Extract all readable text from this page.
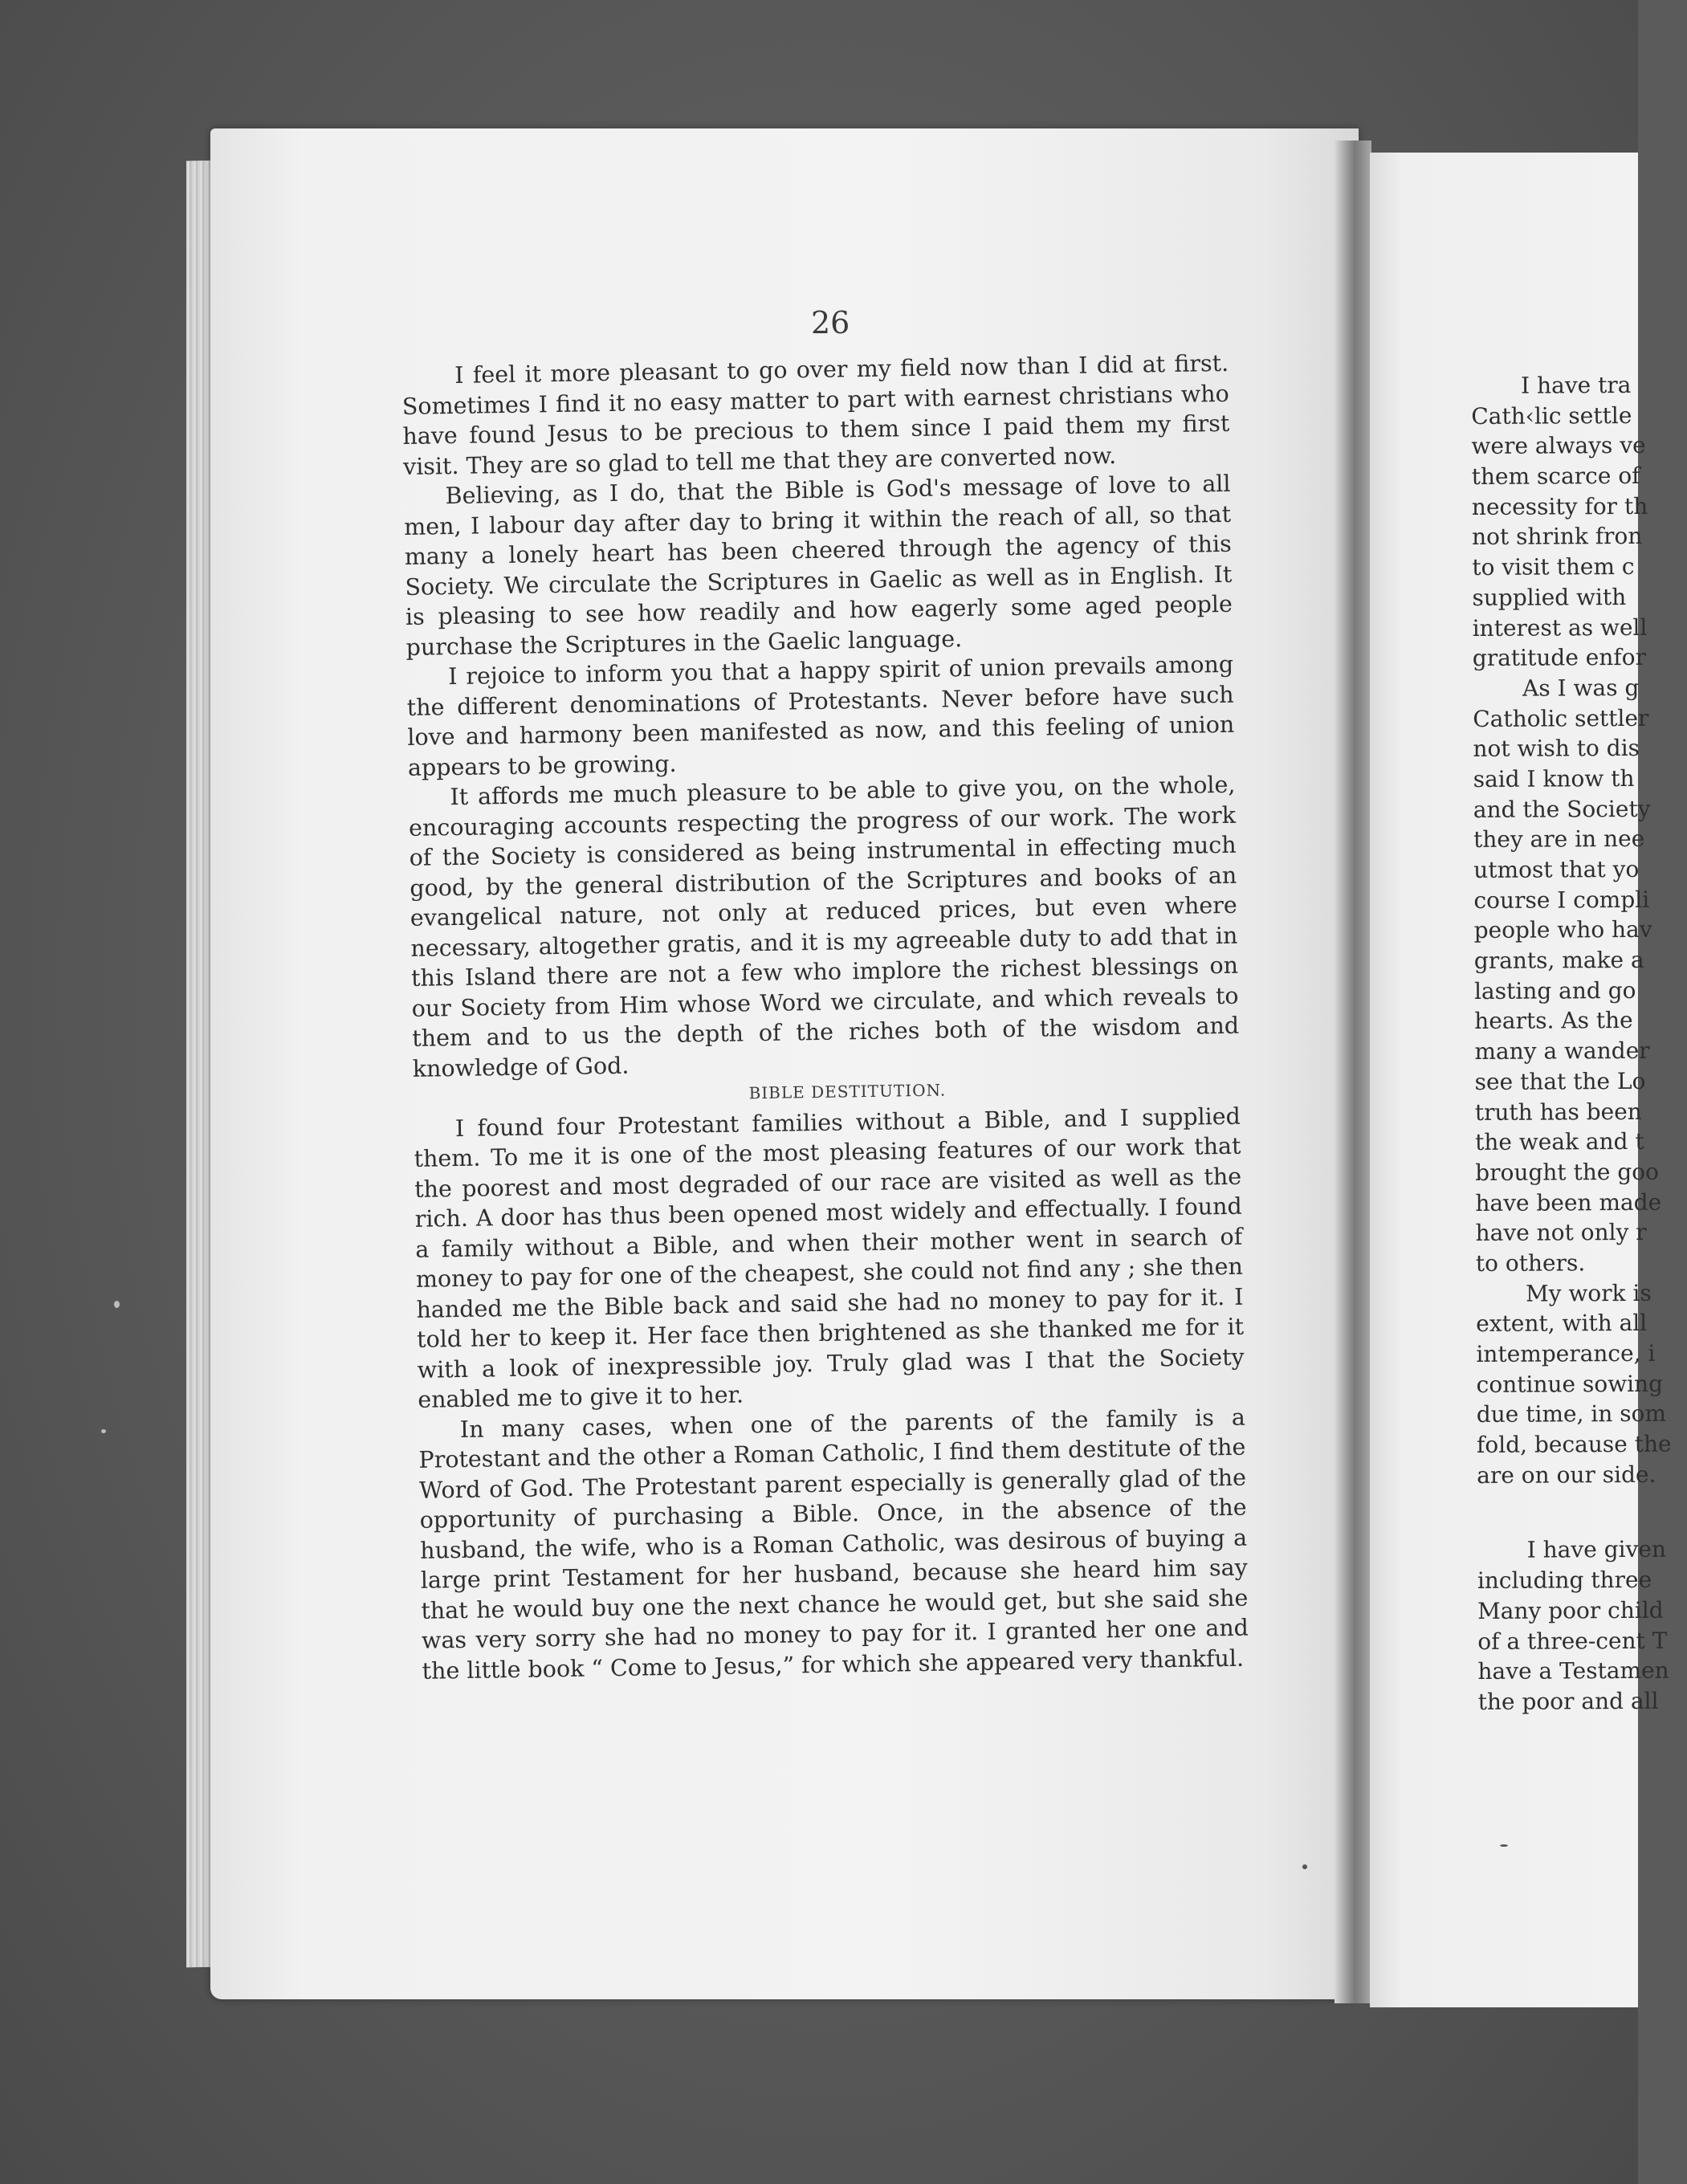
26

I feel it more pleasant to go over my field now than I did at first. Sometimes I find it no easy matter to part with earnest christians who have found Jesus to be precious to them since I paid them my first visit. They are so glad to tell me that they are converted now.

Believing, as I do, that the Bible is God's message of love to all men, I labour day after day to bring it within the reach of all, so that many a lonely heart has been cheered through the agency of this Society. We circulate the Scriptures in Gaelic as well as in English. It is pleasing to see how readily and how eagerly some aged people purchase the Scriptures in the Gaelic language.

I rejoice to inform you that a happy spirit of union prevails among the different denominations of Protestants. Never before have such love and harmony been manifested as now, and this feeling of union appears to be growing.

It affords me much pleasure to be able to give you, on the whole, encouraging accounts respecting the progress of our work. The work of the Society is considered as being instrumental in effecting much good, by the general distribution of the Scriptures and books of an evangelical nature, not only at reduced prices, but even where necessary, altogether gratis, and it is my agreeable duty to add that in this Island there are not a few who implore the richest blessings on our Society from Him whose Word we circulate, and which reveals to them and to us the depth of the riches both of the wisdom and knowledge of God.

BIBLE DESTITUTION.

I found four Protestant families without a Bible, and I supplied them. To me it is one of the most pleasing features of our work that the poorest and most degraded of our race are visited as well as the rich. A door has thus been opened most widely and effectually. I found a family without a Bible, and when their mother went in search of money to pay for one of the cheapest, she could not find any ; she then handed me the Bible back and said she had no money to pay for it. I told her to keep it. Her face then brightened as she thanked me for it with a look of inexpressible joy. Truly glad was I that the Society enabled me to give it to her.

In many cases, when one of the parents of the family is a Protestant and the other a Roman Catholic, I find them destitute of the Word of God. The Protestant parent especially is generally glad of the opportunity of purchasing a Bible. Once, in the absence of the husband, the wife, who is a Roman Catholic, was desirous of buying a large print Testament for her husband, because she heard him say that he would buy one the next chance he would get, but she said she was very sorry she had no money to pay for it. I granted her one and the little book “ Come to Jesus,” for which she appeared very thankful.

I have tra
Cath‹lic settle
were always ve
them scarce of
necessity for th
not shrink fron
to visit them c
supplied with
interest as well
gratitude enfor
As I was g
Catholic settler
not wish to dis
said I know th
and the Society
they are in nee
utmost that yo
course I compli
people who hav
grants, make a
lasting and go
hearts. As the
many a wander
see that the Lo
truth has been
the weak and t
brought the goo
have been made
have not only r
to others.
My work is
extent, with all
intemperance, i
continue sowing
due time, in som
fold, because the
are on our side.
I have given
including three
Many poor child
of a three-cent T
have a Testamen
the poor and all
